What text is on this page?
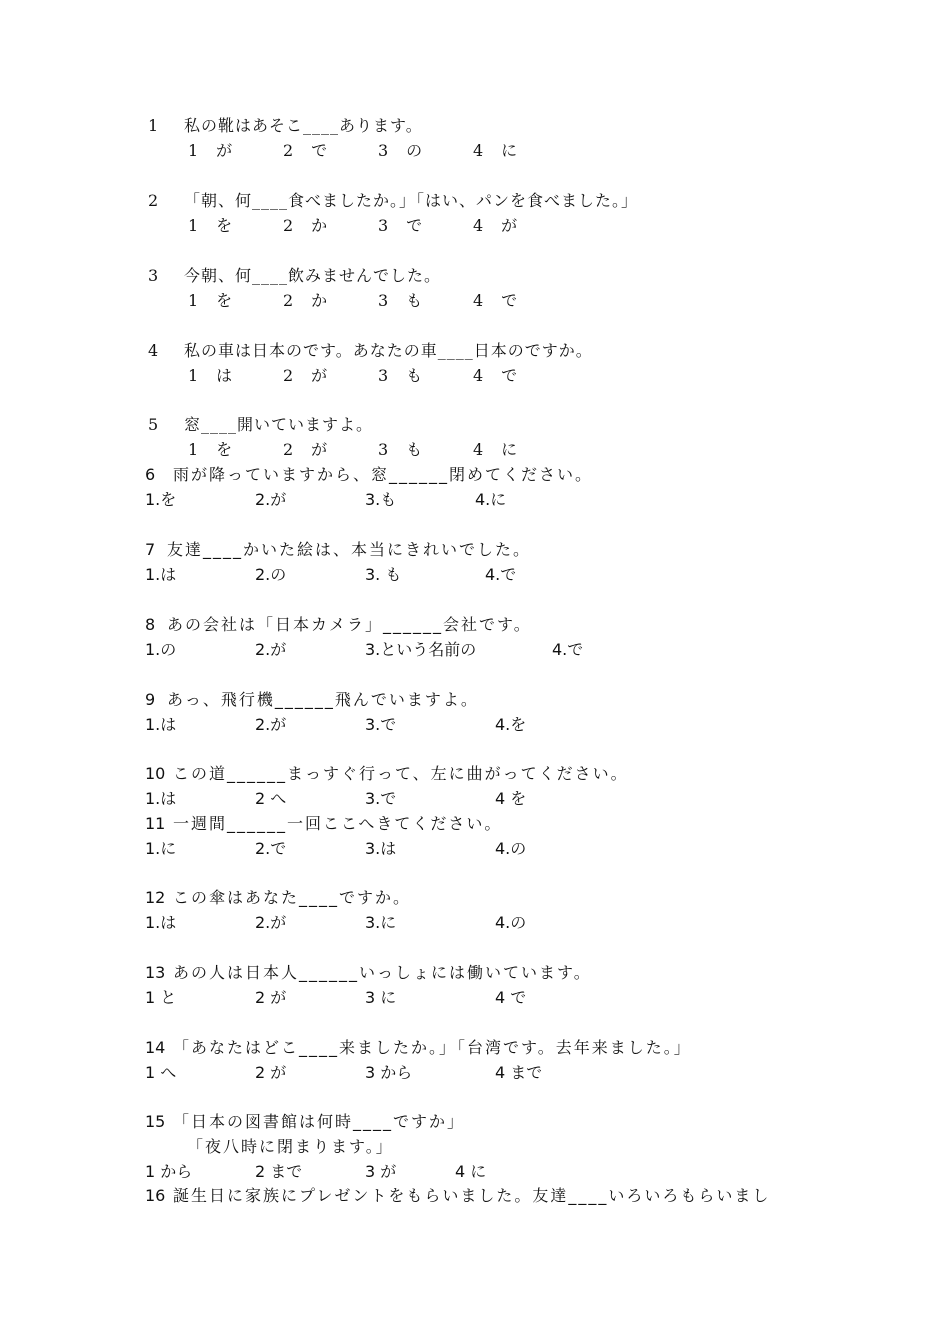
1 私の靴はあそこ____あります。
1　が	2　で	3　の	4　に
2 「朝、何____食べましたか。」「はい、パンを食べました。」
1　を	2　か	3　で	4　が
3 今朝、何____飲みませんでした。
1　を	2　か	3　も	4　で
4 私の車は日本のです。あなたの車____日本のですか。
1　は	2　が	3　も	4　で
5 窓____開いていますよ。
1　を	2　が	3　も	4　に
6 雨が降っていますから、窓______閉めてください。
1.を	2.が	3.も	4.に
7 友達____かいた絵は、本当にきれいでした。
1.は	2.の	3. も	4.で
8 あの会社は「日本カメラ」______会社です。
1.の	2.が	3.という名前の	4.で
9 あっ、飛行機______飛んでいますよ。
1.は	2.が	3.で	4.を
10 この道______まっすぐ行って、左に曲がってください。
1.は	2 へ	3.で	4 を
11 一週間______一回ここへきてください。
1.に	2.で	3.は	4.の
12 この傘はあなた____ですか。
1.は	2.が	3.に	4.の
13 あの人は日本人______いっしょには働いています。
1 と	2 が	3 に	4 で
14 「あなたはどこ____来ましたか。」「台湾です。去年来ました。」
1 へ	2 が	3 から	4 まで
15 「日本の図書館は何時____ですか」
「夜八時に閉まります。」
1 から	2 まで	3 が	4 に
16 誕生日に家族にプレゼントをもらいました。友達____いろいろもらいまし
